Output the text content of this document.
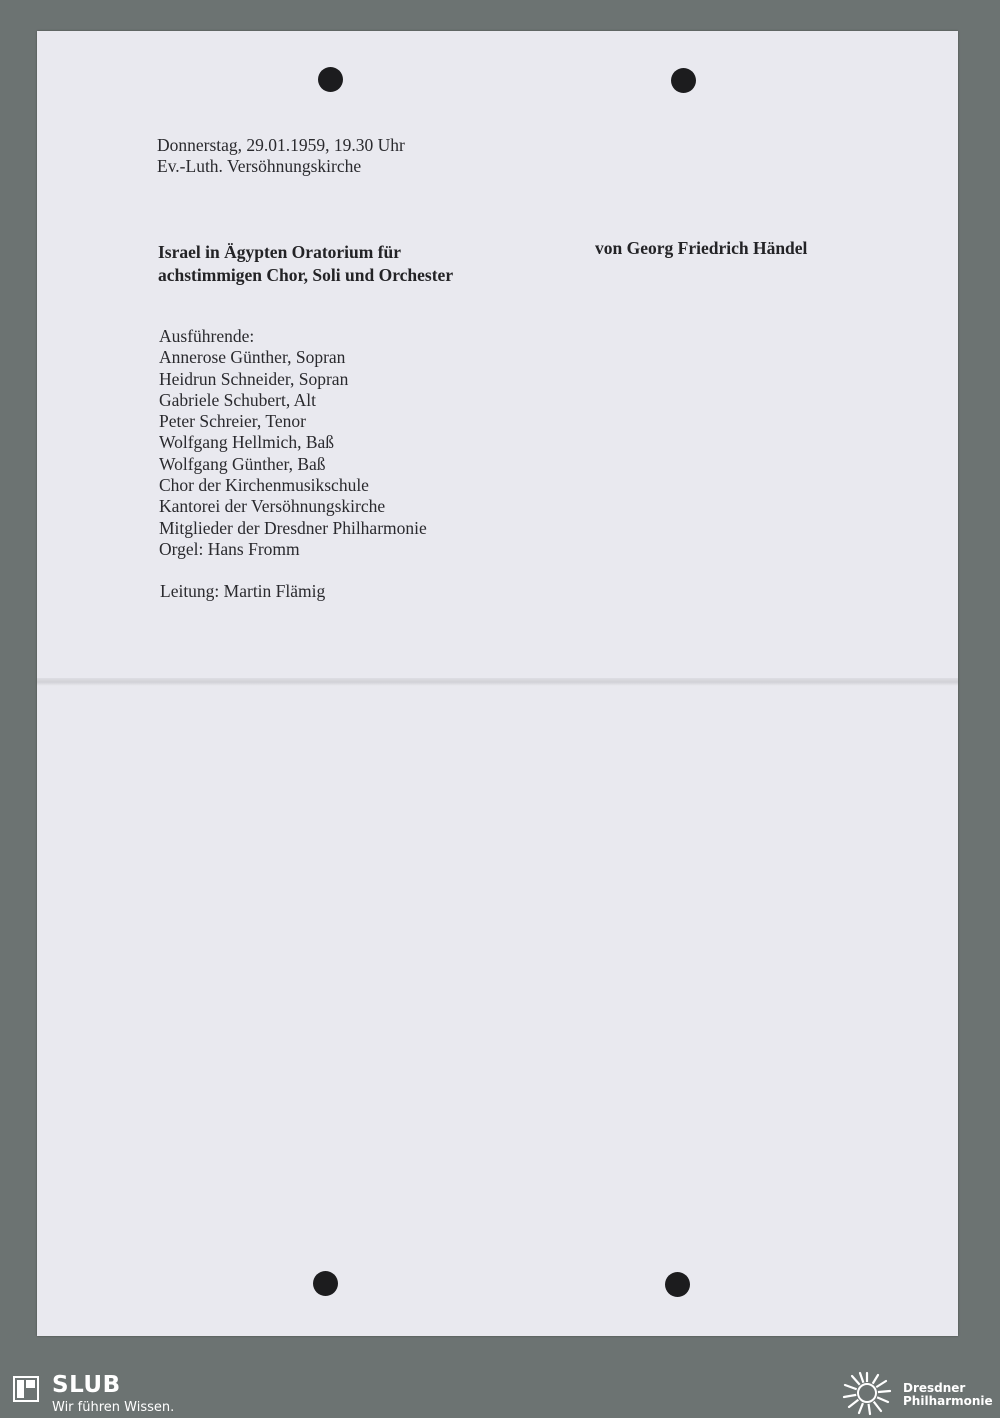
Donnerstag, 29.01.1959, 19.30 Uhr
Ev.-Luth. Versöhnungskirche
Israel in Ägypten Oratorium für
achstimmigen Chor, Soli und Orchester
von Georg Friedrich Händel
Ausführende:
Annerose Günther, Sopran
Heidrun Schneider, Sopran
Gabriele Schubert, Alt
Peter Schreier, Tenor
Wolfgang Hellmich, Baß
Wolfgang Günther, Baß
Chor der Kirchenmusikschule
Kantorei der Versöhnungskirche
Mitglieder der Dresdner Philharmonie
Orgel: Hans Fromm
Leitung: Martin Flämig
SLUB
Wir führen Wissen.
Dresdner
Philharmonie
